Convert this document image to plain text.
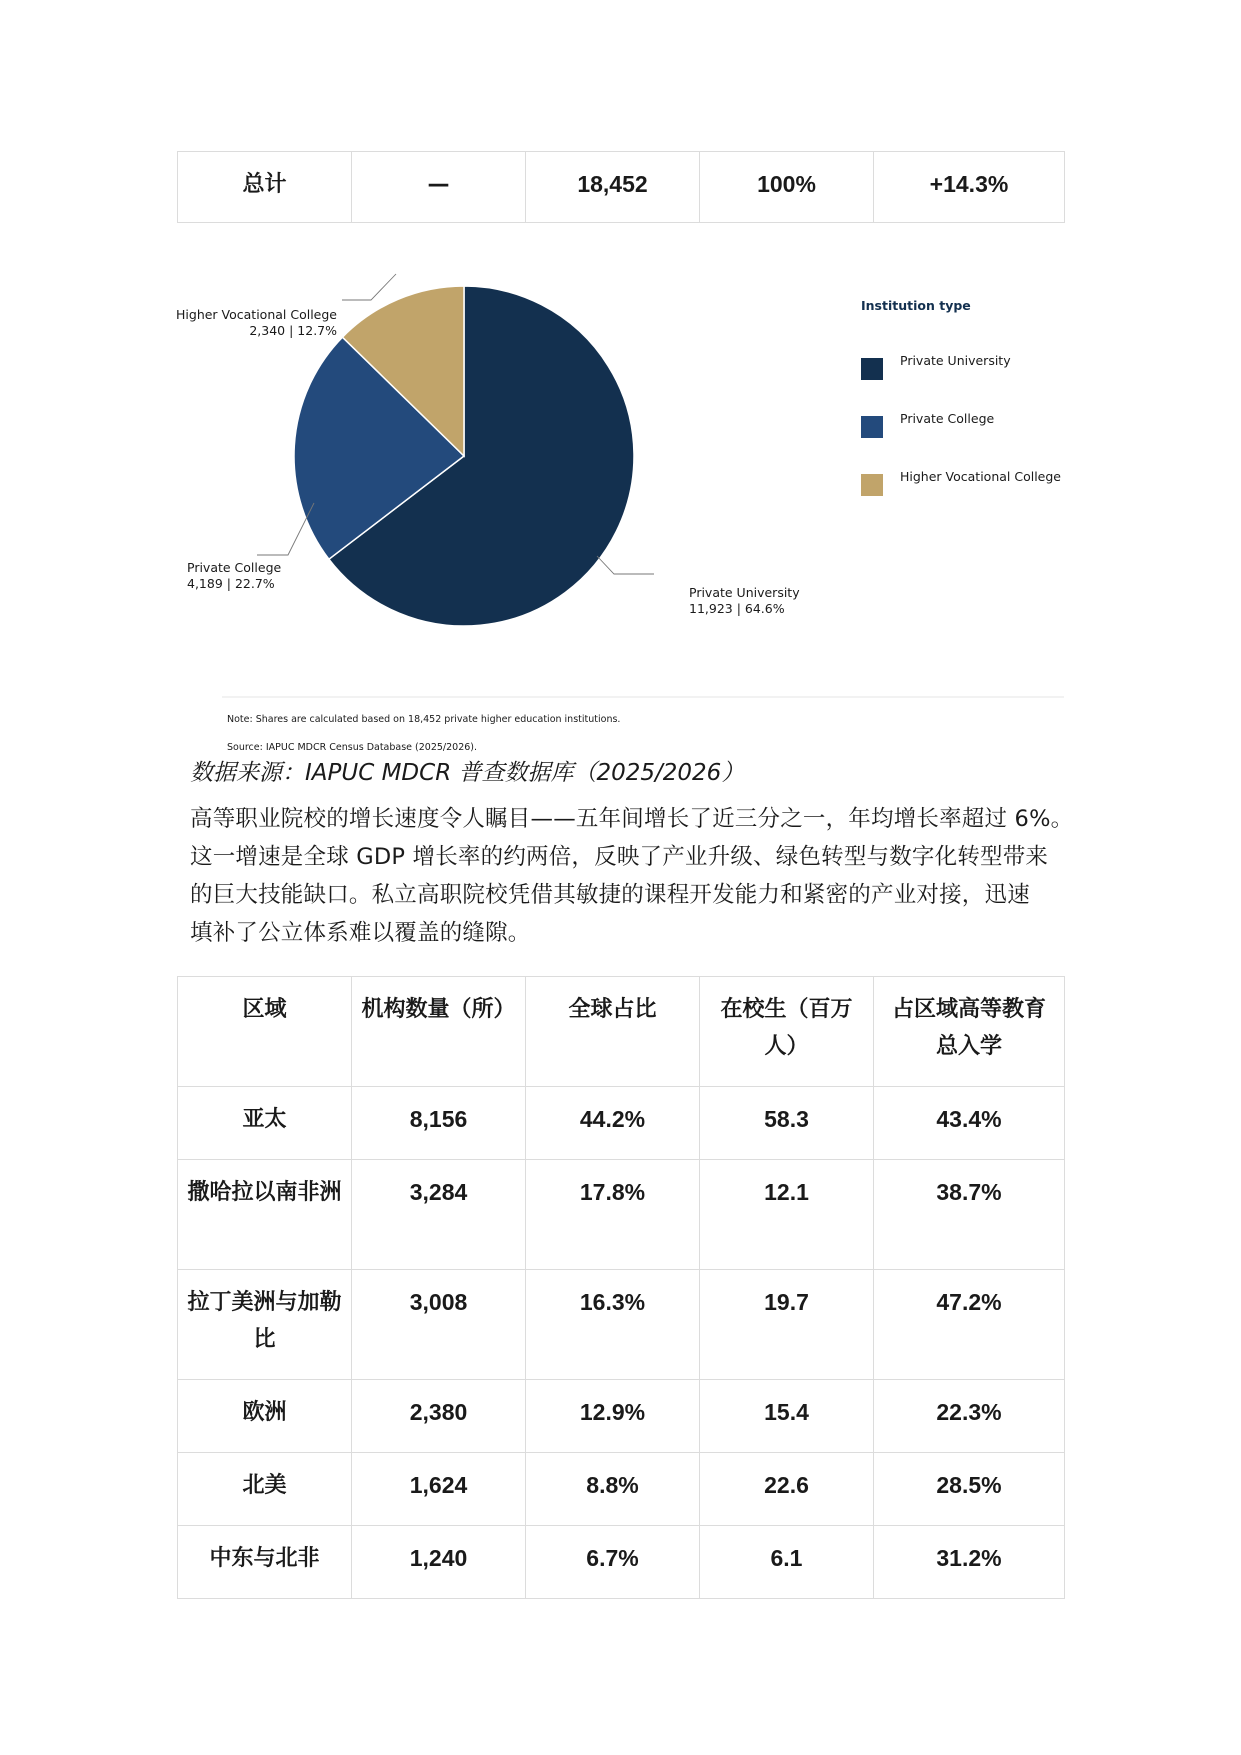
总计	—	18,452	100%	+14.3%
Private University
11,923 | 64.6%
Private College
4,189 | 22.7%
Higher Vocational College
2,340 | 12.7%
Institution type
Private University
Private College
Higher Vocational College
Note: Shares are calculated based on 18,452 private higher education institutions.
Source: IAPUC MDCR Census Database (2025/2026).
数据来源：IAPUC MDCR 普查数据库（2025/2026）

高等职业院校的增长速度令人瞩目——五年间增长了近三分之一，年均增长率超过 6%。

这一增速是全球 GDP 增长率的约两倍，反映了产业升级、绿色转型与数字化转型带来

的巨大技能缺口。私立高职院校凭借其敏捷的课程开发能力和紧密的产业对接，迅速

填补了公立体系难以覆盖的缝隙。

区域	机构数量（所）	全球占比	在校生（百万人）	占区域高等教育总入学
亚太	8,156	44.2%	58.3	43.4%
撒哈拉以南非洲	3,284	17.8%	12.1	38.7%
拉丁美洲与加勒比	3,008	16.3%	19.7	47.2%
欧洲	2,380	12.9%	15.4	22.3%
北美	1,624	8.8%	22.6	28.5%
中东与北非	1,240	6.7%	6.1	31.2%
